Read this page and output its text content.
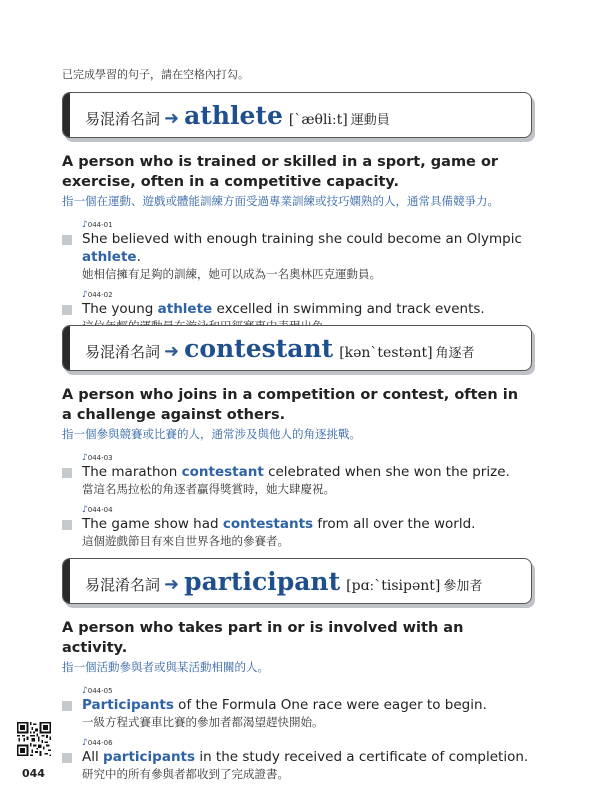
已完成學習的句子，請在空格內打勾。
易混淆名詞 ➜ athlete [ˋæθliːt] 運動員
A person who is trained or skilled in a sport, game or exercise, often in a competitive capacity.
指一個在運動、遊戲或體能訓練方面受過專業訓練或技巧嫻熟的人，通常具備競爭力。
♪044-01
She believed with enough training she could become an Olympic athlete.
她相信擁有足夠的訓練，她可以成為一名奧林匹克運動員。
♪044-02
The young athlete excelled in swimming and track events.
易混淆名詞 ➜ contestant [kənˋtestənt] 角逐者
A person who joins in a competition or contest, often in a challenge against others.
指一個參與競賽或比賽的人，通常涉及與他人的角逐挑戰。
♪044-03
The marathon contestant celebrated when she won the prize.
當這名馬拉松的角逐者贏得獎賞時，她大肆慶祝。
♪044-04
The game show had contestants from all over the world.
這個遊戲節目有來自世界各地的參賽者。
易混淆名詞 ➜ participant [pɑːˋtisipənt] 參加者
A person who takes part in or is involved with an activity.
指一個活動參與者或與某活動相關的人。
♪044-05
Participants of the Formula One race were eager to begin.
一級方程式賽車比賽的參加者都渴望趕快開始。
♪044-06
All participants in the study received a certificate of completion.
研究中的所有參與者都收到了完成證書。
044
